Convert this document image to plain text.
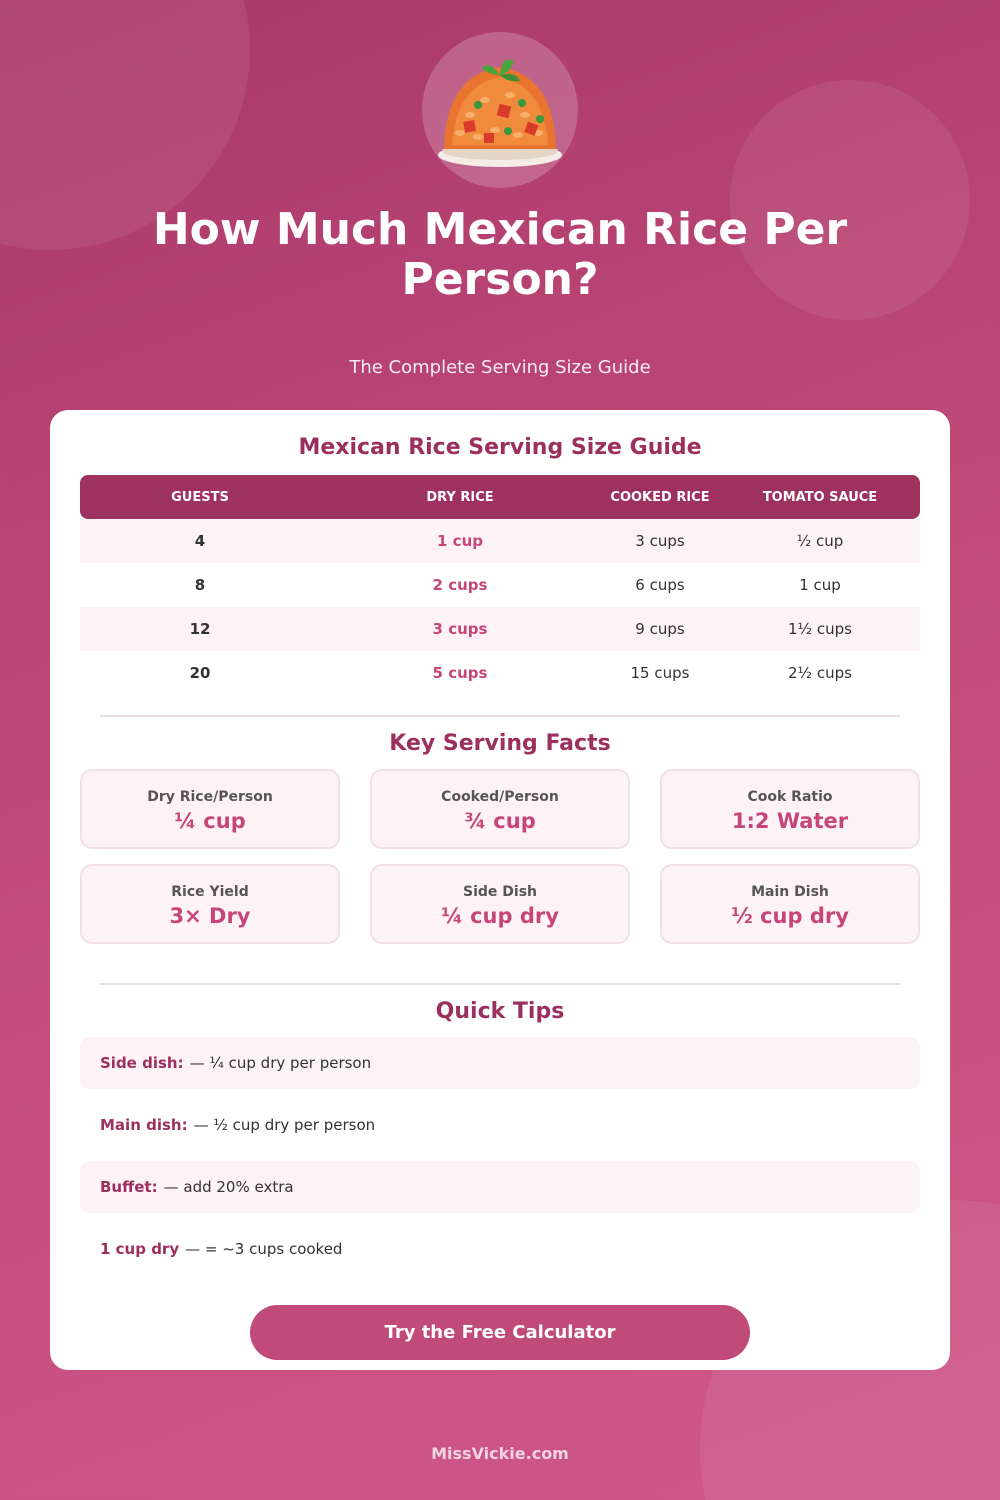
How Much Mexican Rice Per Person?
The Complete Serving Size Guide
Mexican Rice Serving Size Guide
GUESTS	DRY RICE	COOKED RICE	TOMATO SAUCE
4	1 cup	3 cups	½ cup
8	2 cups	6 cups	1 cup
12	3 cups	9 cups	1½ cups
20	5 cups	15 cups	2½ cups
Key Serving Facts
Dry Rice/Person
¼ cup
Cooked/Person
¾ cup
Cook Ratio
1:2 Water
Rice Yield
3× Dry
Side Dish
¼ cup dry
Main Dish
½ cup dry
Quick Tips
Side dish: — ¼ cup dry per person
Main dish: — ½ cup dry per person
Buffet: — add 20% extra
1 cup dry — = ~3 cups cooked
Try the Free Calculator
MissVickie.com
